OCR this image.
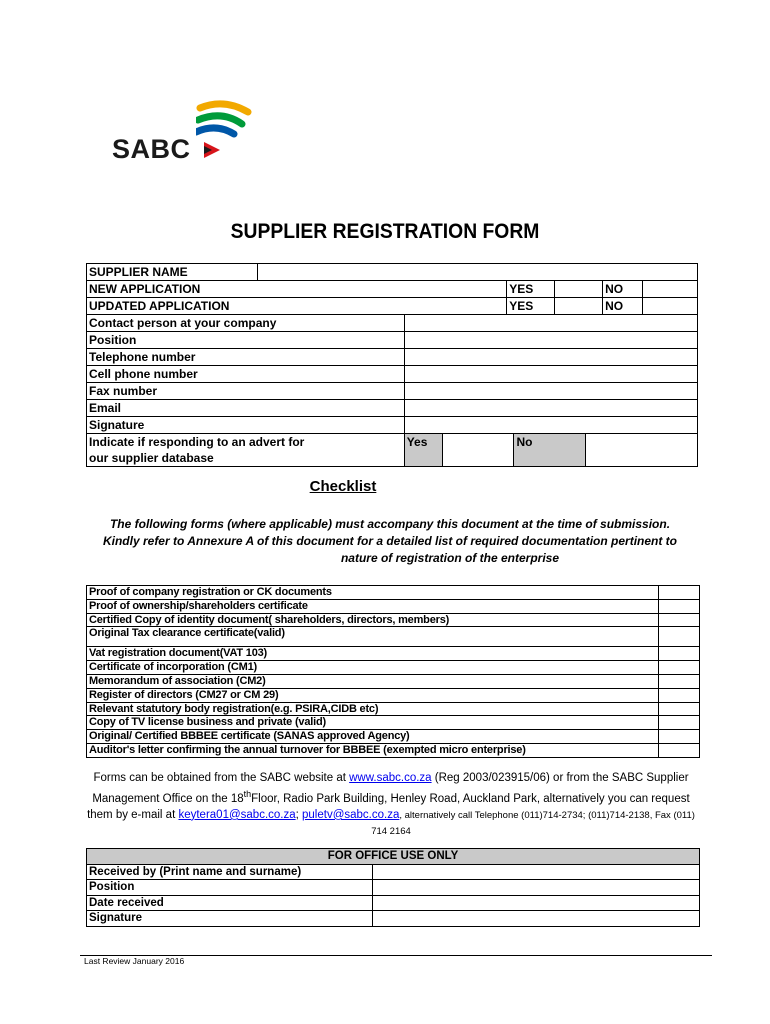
SABC
SUPPLIER REGISTRATION FORM
SUPPLIER NAME					
NEW APPLICATION		YES		NO	
UPDATED APPLICATION		YES		NO	
Contact person at your company				
Position				
Telephone number				
Cell phone number				
Fax number				
Email				
Signature				

Indicate if responding to an advert for
our supplier database	Yes		No	
Checklist
The following forms (where applicable) must accompany this document at the time of submission.
Kindly refer to Annexure A of this document for a detailed list of required documentation pertinent to
nature of registration of the enterprise
Proof of company registration or CK documents	
Proof of ownership/shareholders certificate	
Certified Copy of identity document( shareholders, directors, members)	
Original Tax clearance certificate(valid)	
Vat registration document(VAT 103)	
Certificate of incorporation (CM1)	
Memorandum of association (CM2)	
Register of directors (CM27 or CM 29)	
Relevant statutory body registration(e.g. PSIRA,CIDB etc)	
Copy of TV license business and private (valid)	
Original/ Certified BBBEE certificate (SANAS approved Agency)	
Auditor's letter confirming the annual turnover for BBBEE (exempted micro enterprise)	
Forms can be obtained from the SABC website at www.sabc.co.za (Reg 2003/023915/06) or from the SABC Supplier
Management Office on the 18thFloor, Radio Park Building, Henley Road, Auckland Park, alternatively you can request
them by e-mail at keytera01@sabc.co.za; puletv@sabc.co.za, alternatively call Telephone (011)714-2734; (011)714-2138, Fax (011)
714 2164
FOR OFFICE USE ONLY	
Received by (Print name and surname)	
Position	
Date received	
Signature	
Last Review January 2016
